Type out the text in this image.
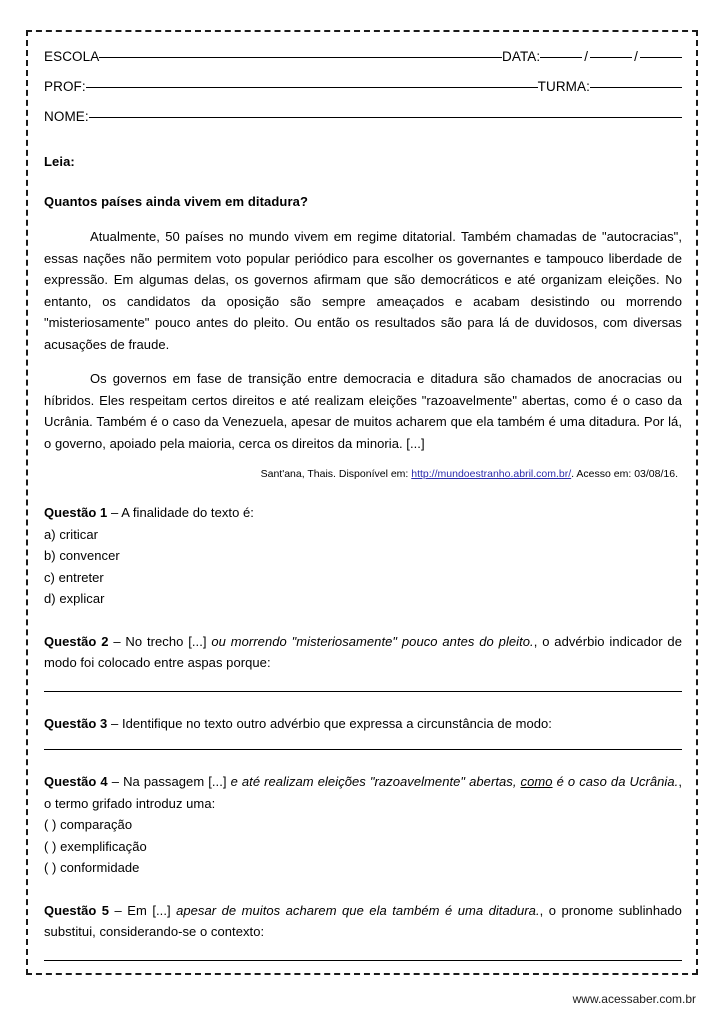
ESCOLA	DATA:	/	/
PROF:	TURMA:
NOME:
Leia:
Quantos países ainda vivem em ditadura?

Atualmente, 50 países no mundo vivem em regime ditatorial. Também chamadas de "autocracias", essas nações não permitem voto popular periódico para escolher os governantes e tampouco liberdade de expressão. Em algumas delas, os governos afirmam que são democráticos e até organizam eleições. No entanto, os candidatos da oposição são sempre ameaçados e acabam desistindo ou morrendo "misteriosamente" pouco antes do pleito. Ou então os resultados são para lá de duvidosos, com diversas acusações de fraude.

Os governos em fase de transição entre democracia e ditadura são chamados de anocracias ou híbridos. Eles respeitam certos direitos e até realizam eleições "razoavelmente" abertas, como é o caso da Ucrânia. Também é o caso da Venezuela, apesar de muitos acharem que ela também é uma ditadura. Por lá, o governo, apoiado pela maioria, cerca os direitos da minoria. [...]

Sant'ana, Thais. Disponível em: http://mundoestranho.abril.com.br/. Acesso em: 03/08/16.
Questão 1 – A finalidade do texto é:
a) criticar
b) convencer
c) entreter
d) explicar
Questão 2 – No trecho [...] ou morrendo "misteriosamente" pouco antes do pleito., o advérbio indicador de modo foi colocado entre aspas porque:
Questão 3 – Identifique no texto outro advérbio que expressa a circunstância de modo:
Questão 4 – Na passagem [...] e até realizam eleições "razoavelmente" abertas, como é o caso da Ucrânia., o termo grifado introduz uma:
( ) comparação
( ) exemplificação
( ) conformidade
Questão 5 – Em [...] apesar de muitos acharem que ela também é uma ditadura., o pronome sublinhado substitui, considerando-se o contexto:
www.acessaber.com.br
